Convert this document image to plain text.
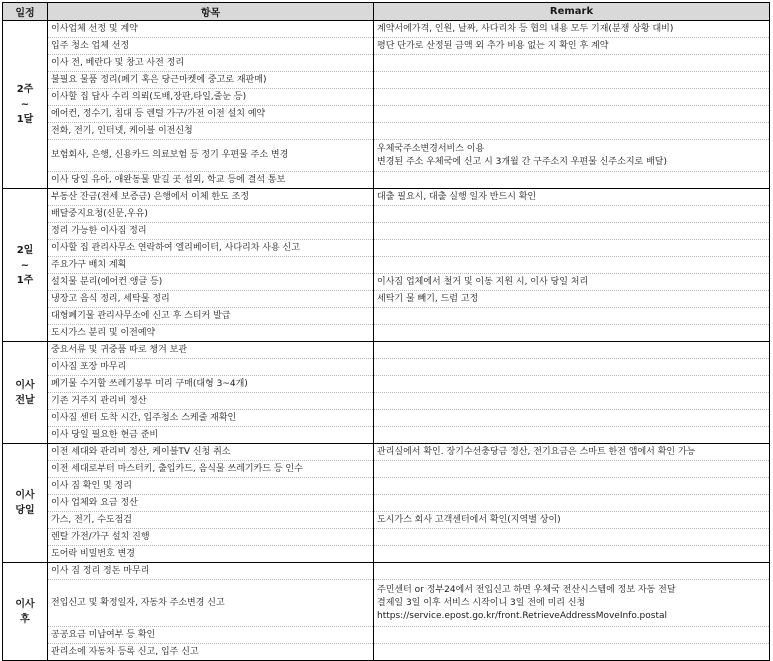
일정	항목	Remark

2주
~
1달	이사업체 선정 및 계약	계약서에가격, 인원, 날짜, 사다리차 등 협의 내용 모두 기재(분쟁 상황 대비)

	입주 청소 업체 선정	평단 단가로 산정된 금액 외 추가 비용 없는 지 확인 후 계약

	이사 전, 베란다 및 창고 사전 정리	
	불필요 물품 정리(폐기 혹은 당근마켓에 중고로 재판매)	
	이사할 집 답사 수리 의뢰(도배,장판,타일,줄눈 등)	
	에어컨, 정수기, 침대 등 렌털 가구/가전 이전 설치 예약	
	전화, 전기, 인터넷, 케이블 이전신청	
	보험회사, 은행, 신용카드 의료보험 등 정기 우편물 주소 변경	우체국주소변경서비스 이용
변경된 주소 우체국에 신고 시 3개월 간 구주소지 우편물 신주소지로 배달)

	이사 당일 유아, 애완동물 맡길 곳 섭외, 학교 등에 결석 통보	

2일
~
1주	부동산 잔금(전세 보증금) 은행에서 이체 한도 조정	대출 필요시, 대출 실행 일자 반드시 확인

	배달중지요청(신문,우유)	
	정리 가능한 이사짐 정리	
	이사할 집 관리사무소 연락하여 엘리베이터, 사다리차 사용 신고	
	주요가구 배치 계획	
	설치물 분리(에어컨 앵글 등)	이사짐 업체에서 철거 및 이동 지원 시, 이사 당일 처리

	냉장고 음식 정리, 세탁물 정리	세탁기 물 빼기, 드럼 고정

	대형폐기물 관리사무소에 신고 후 스티커 발급	
	도시가스 분리 및 이전예약	

이사
전날	중요서류 및 귀중품 따로 챙겨 보관	
	이사짐 포장 마무리	
	폐기물 수거할 쓰레기봉투 미리 구매(대형 3~4개)	
	기존 거주지 관리비 정산	
	이사짐 센터 도착 시간, 입주청소 스케줄 재확인	
	이사 당일 필요한 현금 준비	

이사
당일	이전 세대와 관리비 정산, 케이블TV 신청 취소	관리실에서 확인. 장기수선충당금 정산, 전기요금은 스마트 한전 앱에서 확인 가능

	이전 세대로부터 마스터키, 출입카드, 음식물 쓰레기카드 등 인수	
	이사 짐 확인 및 정리	
	이사 업체와 요금 정산	
	가스, 전기, 수도점검	도시가스 회사 고객센터에서 확인(지역별 상이)

	렌탈 가전/가구 설치 진행	
	도어락 비밀번호 변경	

이사
후	이사 짐 정리 정돈 마무리	
	전입신고 및 확정일자, 자동차 주소변경 신고	주민센터 or 정부24에서 전입신고 하면 우체국 전산시스템에 정보 자동 전달
결제일 3일 이후 서비스 시작이니 3일 전에 미리 신청
https://service.epost.go.kr/front.RetrieveAddressMoveInfo.postal

	공공요금 미납여부 등 확인	
	관리소에 자동차 등록 신고, 입주 신고	
